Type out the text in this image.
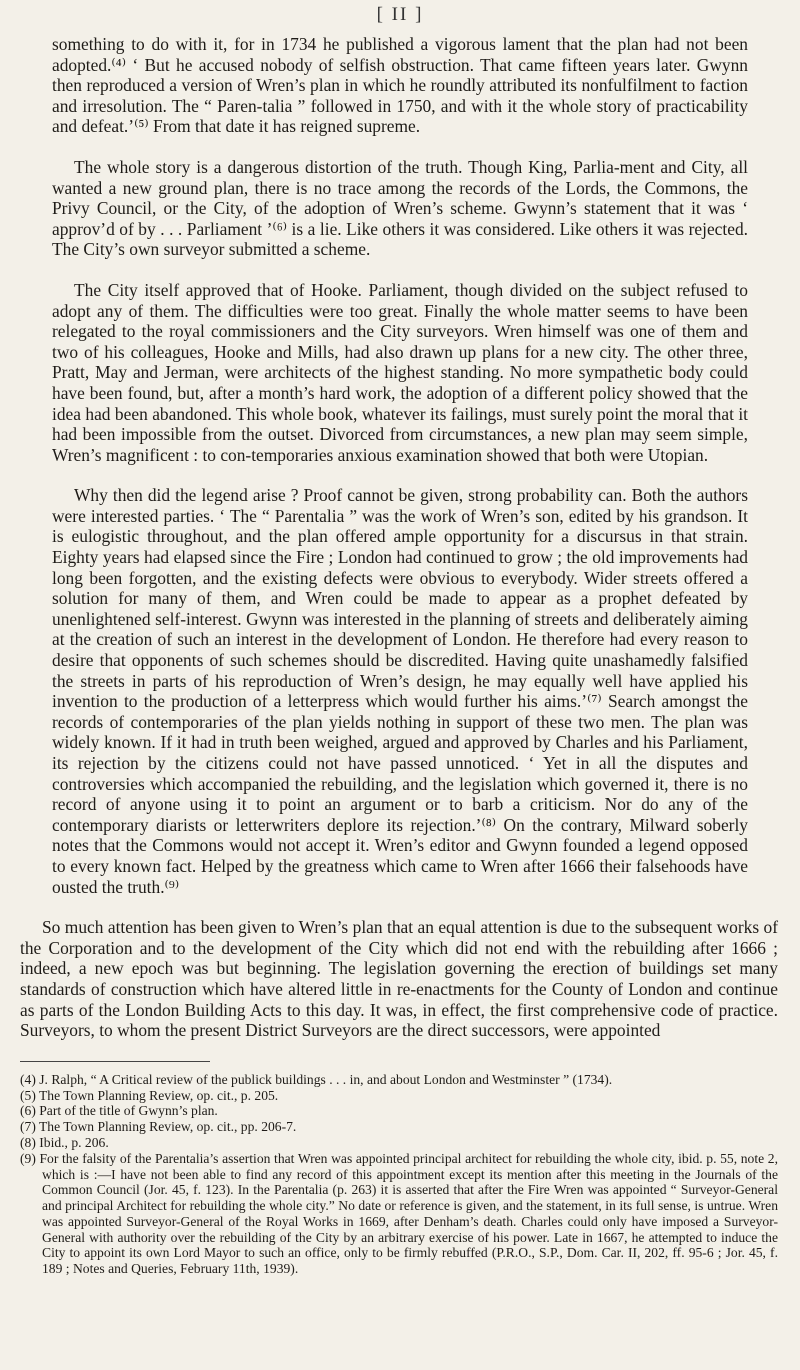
[ II ]

something to do with it, for in 1734 he published a vigorous lament that the plan had not been adopted.⁽⁴⁾ ‘ But he accused nobody of selfish obstruction. That came fifteen years later. Gwynn then reproduced a version of Wren’s plan in which he roundly attributed its nonfulfilment to faction and irresolution. The “ Paren-talia ” followed in 1750, and with it the whole story of practicability and defeat.’⁽⁵⁾ From that date it has reigned supreme.

The whole story is a dangerous distortion of the truth. Though King, Parlia-ment and City, all wanted a new ground plan, there is no trace among the records of the Lords, the Commons, the Privy Council, or the City, of the adoption of Wren’s scheme. Gwynn’s statement that it was ‘ approv’d of by . . . Parliament ’⁽⁶⁾ is a lie. Like others it was considered. Like others it was rejected. The City’s own surveyor submitted a scheme.

The City itself approved that of Hooke. Parliament, though divided on the subject refused to adopt any of them. The difficulties were too great. Finally the whole matter seems to have been relegated to the royal commissioners and the City surveyors. Wren himself was one of them and two of his colleagues, Hooke and Mills, had also drawn up plans for a new city. The other three, Pratt, May and Jerman, were architects of the highest standing. No more sympathetic body could have been found, but, after a month’s hard work, the adoption of a different policy showed that the idea had been abandoned. This whole book, whatever its failings, must surely point the moral that it had been impossible from the outset. Divorced from circumstances, a new plan may seem simple, Wren’s magnificent : to con-temporaries anxious examination showed that both were Utopian.

Why then did the legend arise ? Proof cannot be given, strong probability can. Both the authors were interested parties. ‘ The “ Parentalia ” was the work of Wren’s son, edited by his grandson. It is eulogistic throughout, and the plan offered ample opportunity for a discursus in that strain. Eighty years had elapsed since the Fire ; London had continued to grow ; the old improvements had long been forgotten, and the existing defects were obvious to everybody. Wider streets offered a solution for many of them, and Wren could be made to appear as a prophet defeated by unenlightened self-interest. Gwynn was interested in the planning of streets and deliberately aiming at the creation of such an interest in the development of London. He therefore had every reason to desire that opponents of such schemes should be discredited. Having quite unashamedly falsified the streets in parts of his reproduction of Wren’s design, he may equally well have applied his invention to the production of a letterpress which would further his aims.’⁽⁷⁾ Search amongst the records of contemporaries of the plan yields nothing in support of these two men. The plan was widely known. If it had in truth been weighed, argued and approved by Charles and his Parliament, its rejection by the citizens could not have passed unnoticed. ‘ Yet in all the disputes and controversies which accompanied the rebuilding, and the legislation which governed it, there is no record of anyone using it to point an argument or to barb a criticism. Nor do any of the contemporary diarists or letterwriters deplore its rejection.’⁽⁸⁾ On the contrary, Milward soberly notes that the Commons would not accept it. Wren’s editor and Gwynn founded a legend opposed to every known fact. Helped by the greatness which came to Wren after 1666 their falsehoods have ousted the truth.⁽⁹⁾

So much attention has been given to Wren’s plan that an equal attention is due to the subsequent works of the Corporation and to the development of the City which did not end with the rebuilding after 1666 ; indeed, a new epoch was but beginning. The legislation governing the erection of buildings set many standards of construction which have altered little in re-enactments for the County of London and continue as parts of the London Building Acts to this day. It was, in effect, the first comprehensive code of practice. Surveyors, to whom the present District Surveyors are the direct successors, were appointed

(4) J. Ralph, “ A Critical review of the publick buildings . . . in, and about London and Westminster ” (1734).

(5) The Town Planning Review, op. cit., p. 205.

(6) Part of the title of Gwynn’s plan.

(7) The Town Planning Review, op. cit., pp. 206-7.

(8) Ibid., p. 206.

(9) For the falsity of the Parentalia’s assertion that Wren was appointed principal architect for rebuilding the whole city, ibid. p. 55, note 2, which is :—I have not been able to find any record of this appointment except its mention after this meeting in the Journals of the Common Council (Jor. 45, f. 123). In the Parentalia (p. 263) it is asserted that after the Fire Wren was appointed “ Surveyor-General and principal Architect for rebuilding the whole city.” No date or reference is given, and the statement, in its full sense, is untrue. Wren was appointed Surveyor-General of the Royal Works in 1669, after Denham’s death. Charles could only have imposed a Surveyor-General with authority over the rebuilding of the City by an arbitrary exercise of his power. Late in 1667, he attempted to induce the City to appoint its own Lord Mayor to such an office, only to be firmly rebuffed (P.R.O., S.P., Dom. Car. II, 202, ff. 95-6 ; Jor. 45, f. 189 ; Notes and Queries, February 11th, 1939).
